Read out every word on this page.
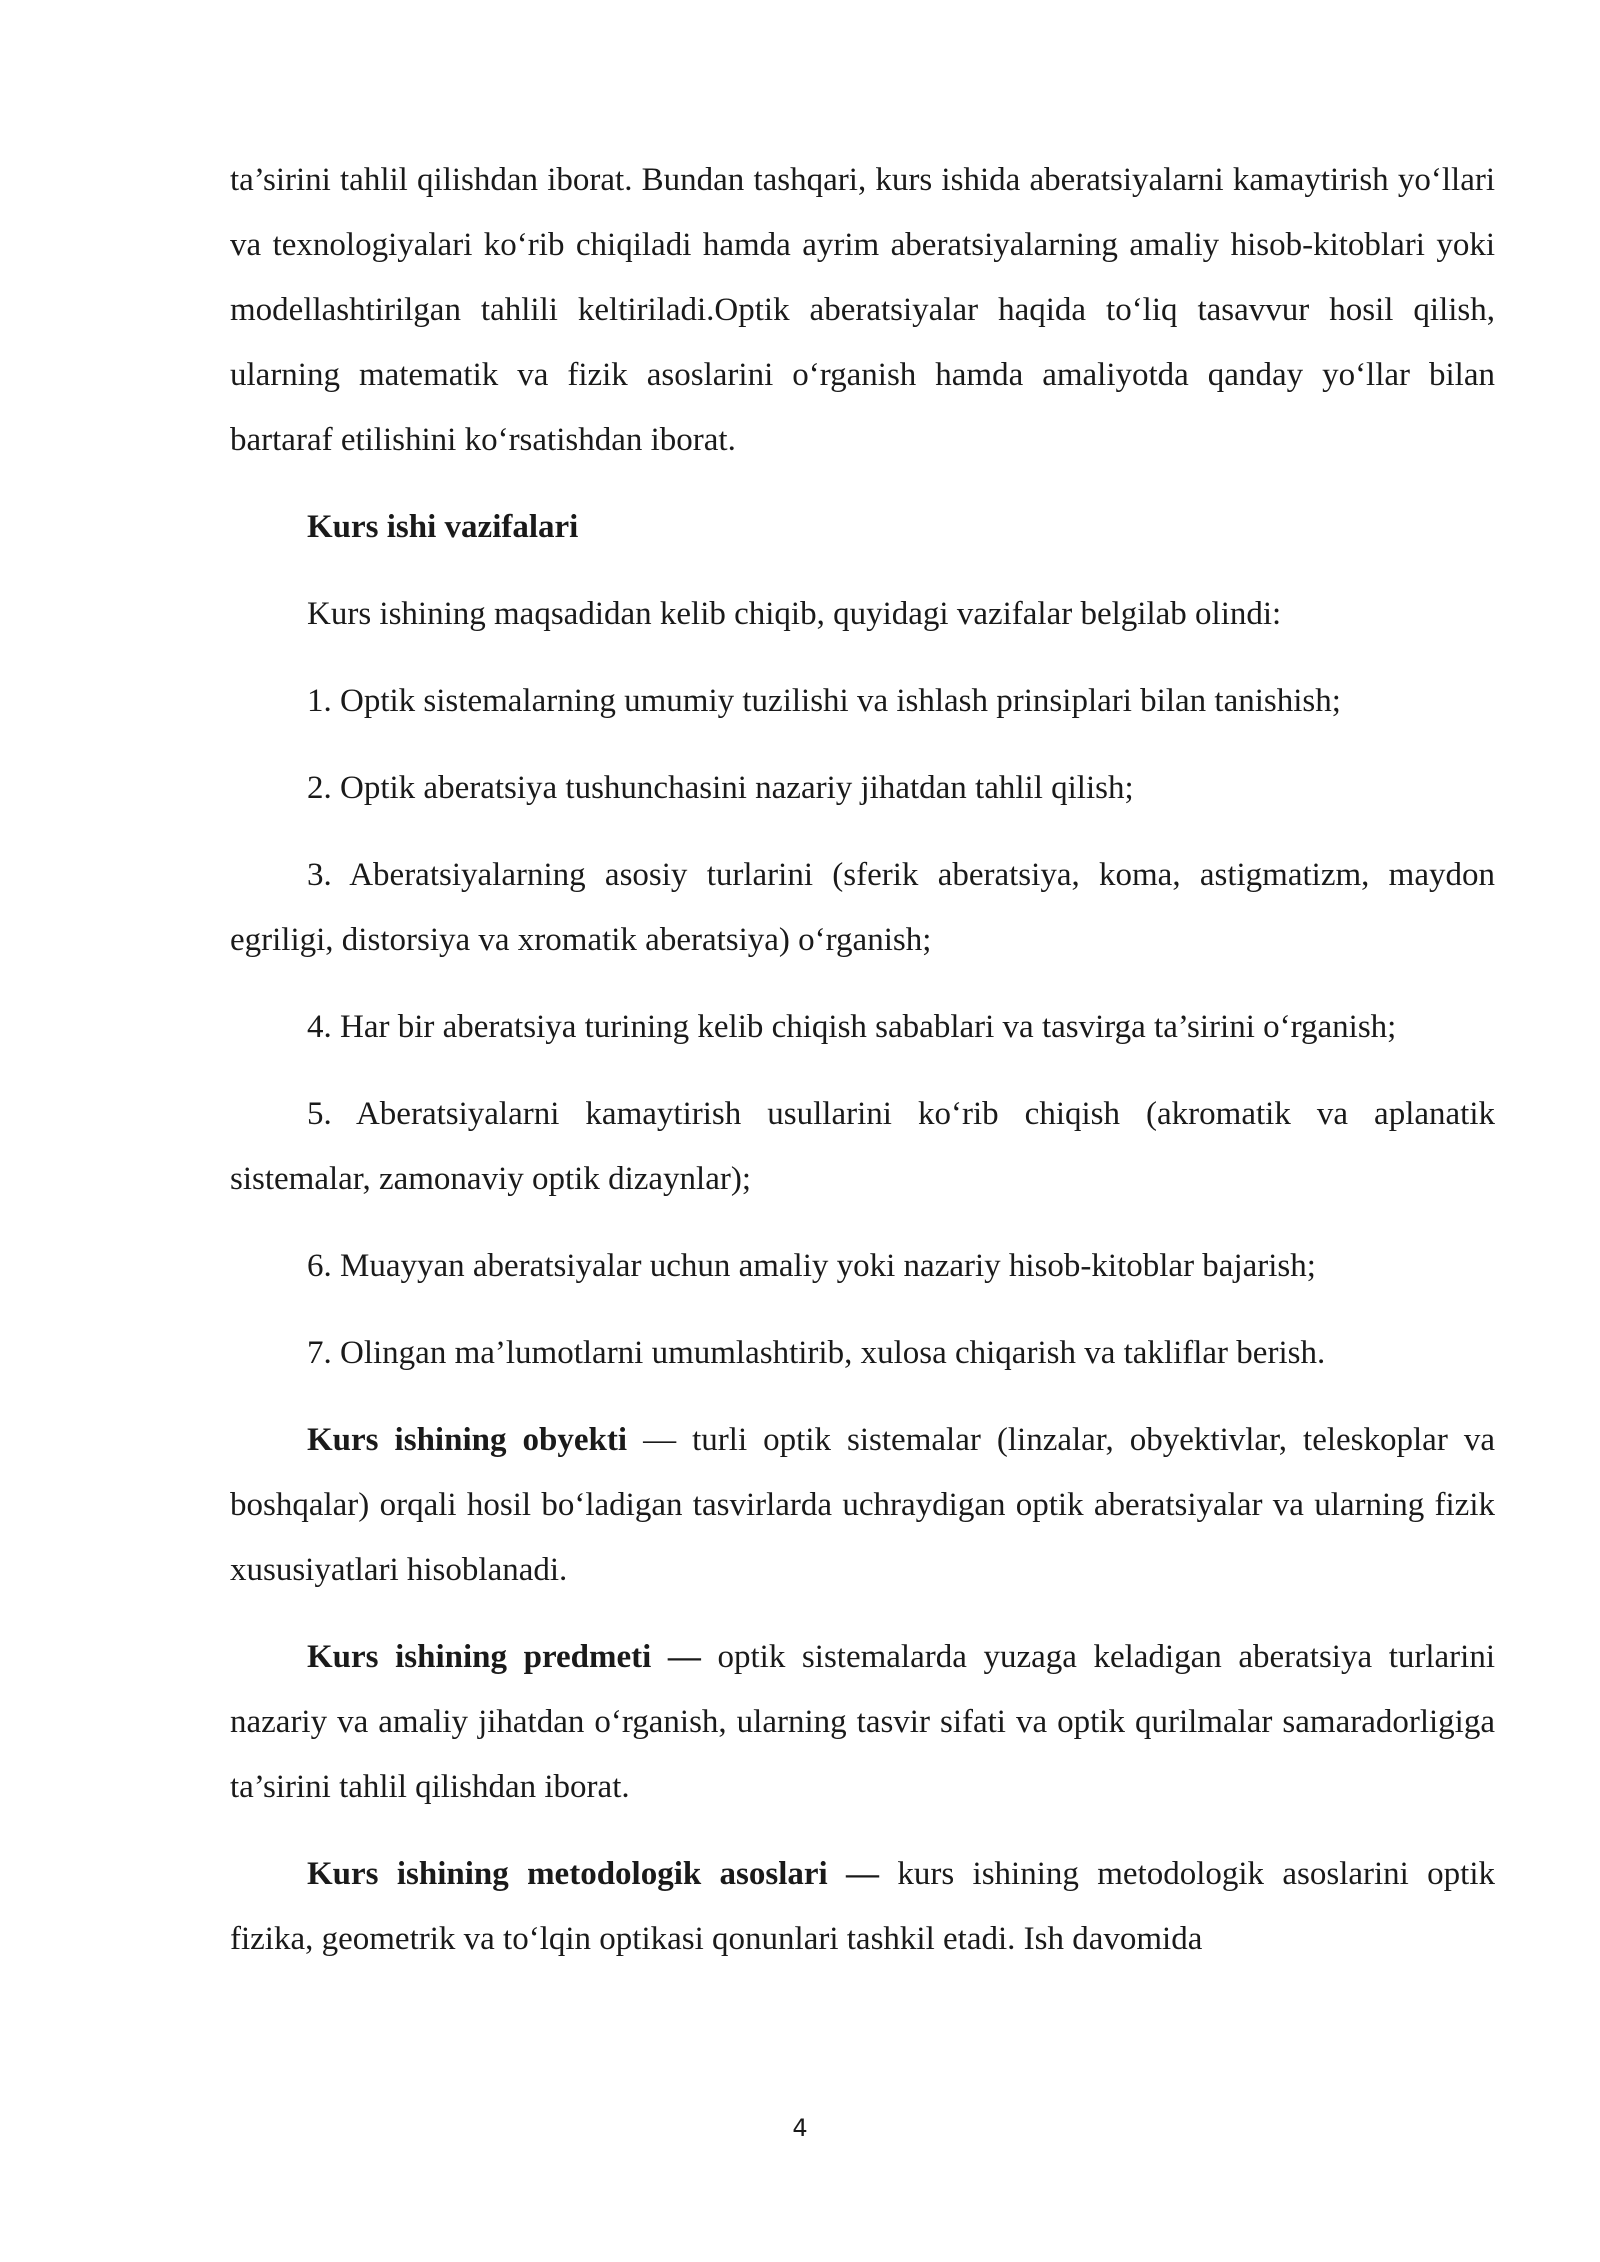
ta’sirini tahlil qilishdan iborat. Bundan tashqari, kurs ishida aberatsiyalarni kamaytirish yo‘llari va texnologiyalari ko‘rib chiqiladi hamda ayrim aberatsiyalarning amaliy hisob-kitoblari yoki modellashtirilgan tahlili keltiriladi.Optik aberatsiyalar haqida to‘liq tasavvur hosil qilish, ularning matematik va fizik asoslarini o‘rganish hamda amaliyotda qanday yo‘llar bilan bartaraf etilishini ko‘rsatishdan iborat.

Kurs ishi vazifalari

Kurs ishining maqsadidan kelib chiqib, quyidagi vazifalar belgilab olindi:

1. Optik sistemalarning umumiy tuzilishi va ishlash prinsiplari bilan tanishish;

2. Optik aberatsiya tushunchasini nazariy jihatdan tahlil qilish;

3. Aberatsiyalarning asosiy turlarini (sferik aberatsiya, koma, astigmatizm, maydon egriligi, distorsiya va xromatik aberatsiya) o‘rganish;

4. Har bir aberatsiya turining kelib chiqish sabablari va tasvirga ta’sirini o‘rganish;

5. Aberatsiyalarni kamaytirish usullarini ko‘rib chiqish (akromatik va aplanatik sistemalar, zamonaviy optik dizaynlar);

6. Muayyan aberatsiyalar uchun amaliy yoki nazariy hisob-kitoblar bajarish;

7. Olingan ma’lumotlarni umumlashtirib, xulosa chiqarish va takliflar berish.

Kurs ishining obyekti — turli optik sistemalar (linzalar, obyektivlar, teleskoplar va boshqalar) orqali hosil bo‘ladigan tasvirlarda uchraydigan optik aberatsiyalar va ularning fizik xususiyatlari hisoblanadi.

Kurs ishining predmeti — optik sistemalarda yuzaga keladigan aberatsiya turlarini nazariy va amaliy jihatdan o‘rganish, ularning tasvir sifati va optik qurilmalar samaradorligiga ta’sirini tahlil qilishdan iborat.

Kurs ishining metodologik asoslari — kurs ishining metodologik asoslarini optik fizika, geometrik va to‘lqin optikasi qonunlari tashkil etadi. Ish davomida

4
